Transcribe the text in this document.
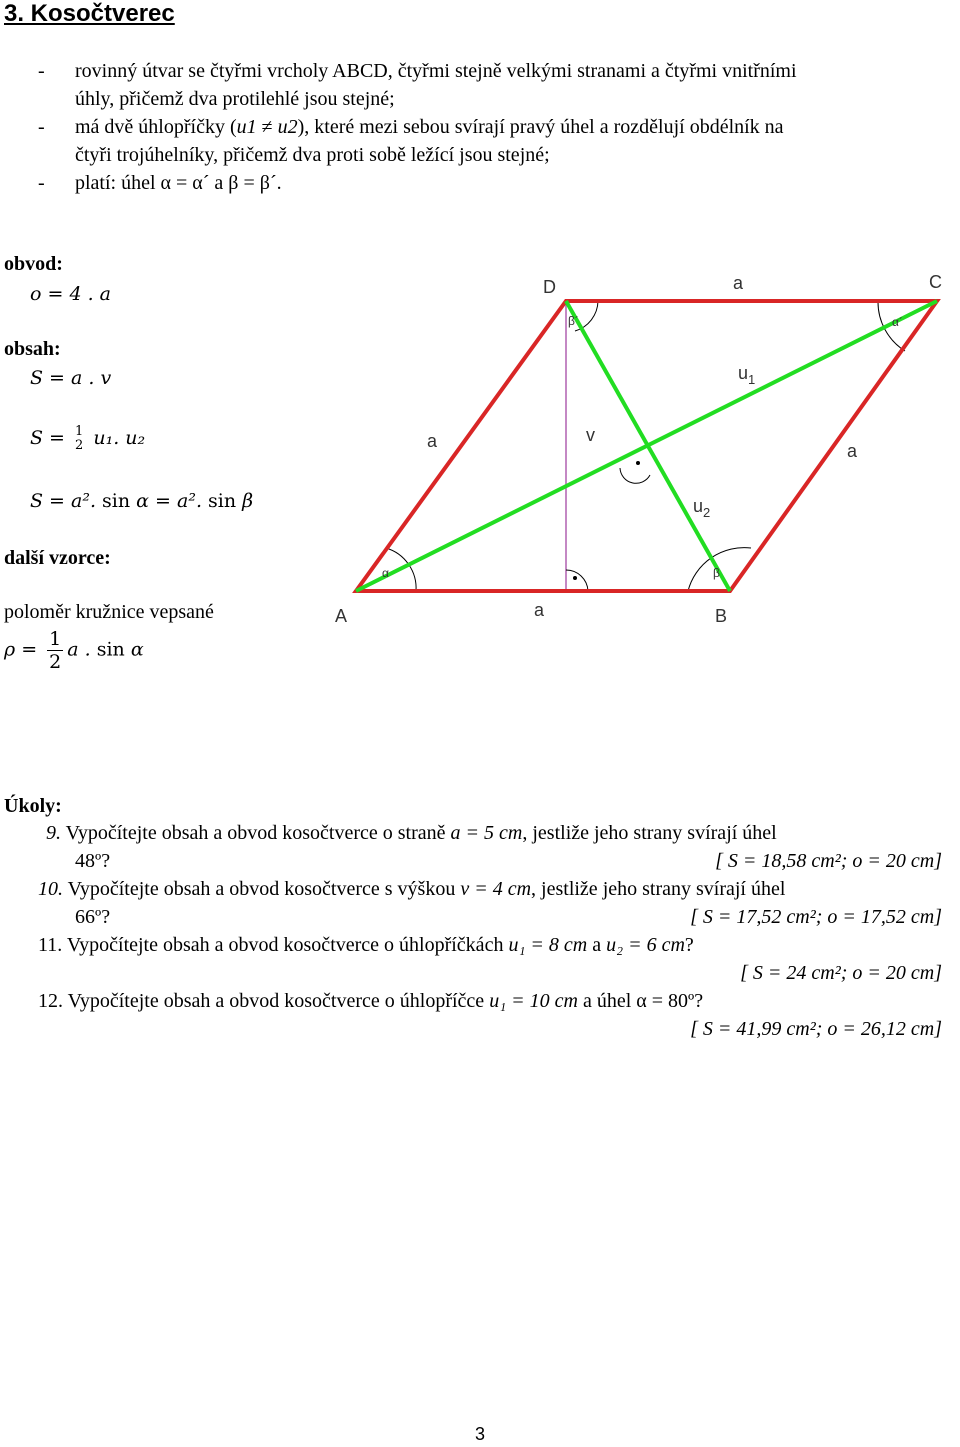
3. Kosočtverec
- rovinný útvar se čtyřmi vrcholy ABCD, čtyřmi stejně velkými stranami a čtyřmi vnitřními
úhly, přičemž dva protilehlé jsou stejné;
- má dvě úhlopříčky (u1 ≠ u2), které mezi sebou svírají pravý úhel a rozdělují obdélník na
čtyři trojúhelníky, přičemž dva proti sobě ležící jsou stejné;
- platí: úhel α = α´ a β = β´.
obvod:
o = 4 . a
obsah:
S = a . v
S = 1
2 u₁. u₂
S = a². sin α = a². sin β
další vzorce:
poloměr kružnice vepsané
$\rho = \frac{1}{2}$ a . sin α
D	C
A	B
a
a
a	a
v
$u_1$
$u_2$
α	β
α´
β´
Úkoly:
9. Vypočítejte obsah a obvod kosočtverce o straně a = 5 cm, jestliže jeho strany svírají úhel
48º?	[ S = 18,58 cm²; o = 20 cm]
10. Vypočítejte obsah a obvod kosočtverce s výškou v = 4 cm, jestliže jeho strany svírají úhel
66º?	[ S = 17,52 cm²; o = 17,52 cm]
11. Vypočítejte obsah a obvod kosočtverce o úhlopříčkách u₁ = 8 cm a u₂ = 6 cm?
[ S = 24 cm²; o = 20 cm]
12. Vypočítejte obsah a obvod kosočtverce o úhlopříčce u₁ = 10 cm a úhel α = 80º?
[ S = 41,99 cm²; o = 26,12 cm]
3
